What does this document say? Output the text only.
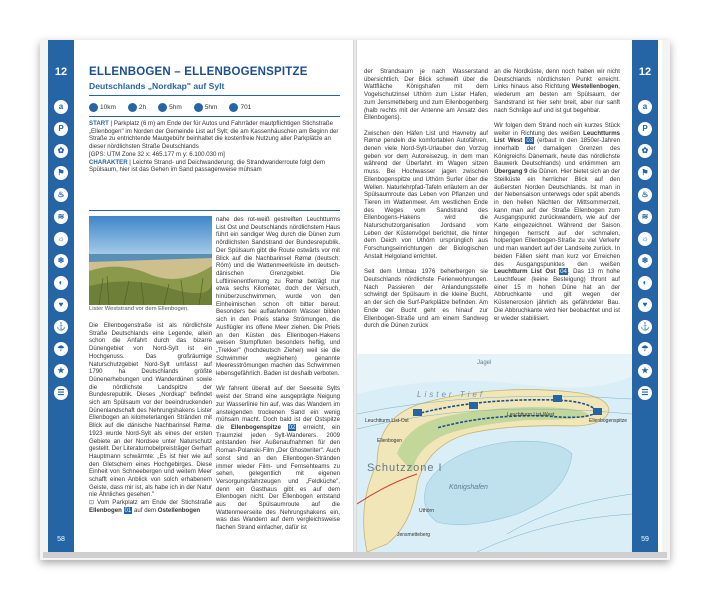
12	12
58	59
a
P
✿
⚑
♨
≋
☼
❄
◐
♥
⚓
☂
★
☰
a
P
✿
⚑
♨
≋
☼
❄
◐
♥
⚓
☂
★
☰
ELLENBOGEN – ELLENBOGENSPITZE
Deutschlands „Nordkap" auf Sylt
10km	2h	5hm	5hm	701
START | Parkplatz (6 m) am Ende der für Autos und Fahrräder mautpflichtigen Stichstraße „Ellenbogen" im Norden der Gemeinde List auf Sylt; die am Kassenhäuschen am Beginn der Straße zu entrichtende Mautgebühr beinhaltet die kostenfreie Nutzung aller Parkplätze an dieser nördlichsten Straße Deutschlands
[GPS: UTM Zone 32 x: 465.177 m y: 6.100.030 m]
CHARAKTER | Leichte Strand- und Deichwanderung; die Strandwanderroute folgt dem Spülsaum, hier ist das Gehen im Sand passagenweise mühsam
Lister Weststrand vor dem Ellenbogen.
Die Ellenbogenstraße ist als nördlichste Straße Deutschlands eine Legende, allein schon die Anfahrt durch das bizarre Dünengebiet von Nord-Sylt ist ein Hochgenuss. Das großräumige Naturschutzgebiet Nord-Sylt umfasst auf 1790 ha Deutschlands größte Dünenerhebungen und Wanderdünen sowie die nördlichste Landspitze der Bundesrepublik. Dieses „Nordkap" befindet sich am Spülsaum vor der beeindruckenden Dünenlandschaft des Nehrungshakens Lister Ellenbogen an kilometerlangen Stränden mit Blick auf die dänische Nachbarinsel Rømø. 1923 wurde Nord-Sylt als eines der ersten Gebiete an der Nordsee unter Naturschutz gestellt. Der Literaturnobelpreisträger Gerhart Hauptmann schwärmte: „Es ist hier wie auf den Gletschern eines Hochgebirges. Diese Einheit von Schneebergen und weitem Meer schafft einen Anblick von solch erhabenem Geiste, dass mir ist, als habe ich in der Natur nie Ähnliches gesehen."
⊡ Vom Parkplatz am Ende der Stichstraße Ellenbogen 01 auf dem Ostellenbogen
nahe des rot-weiß gestreiften Leuchtturms List Ost und Deutschlands nördlichstem Haus führt ein sandiger Weg durch die Dünen zum nördlichsten Sandstrand der Bundesrepublik. Der Spülsaum gibt die Route ostwärts vor mit Blick auf die Nachbarinsel Rømø (deutsch: Röm) und die Wattenmeerküste im deutsch-dänischen Grenzgebiet. Die Luftlinienentfernung zu Rømø beträgt nur etwa sechs Kilometer, doch der Versuch, hinüberzuschwimmen, wurde von den Einheimischen schon oft bitter bereut. Besonders bei auflaufendem Wasser bilden sich in den Priels starke Strömungen, die Ausflügler ins offene Meer ziehen. Die Priels an den Küsten des Ellenbogen-Hakens weisen Stumpfluten besonders heftig, und „Trekker" (hochdeutsch Zieher) weil sie die Schwimmer wegziehen) genannte Meeresströmungen machen das Schwimmen lebensgefährlich. Baden ist deshalb verboten.

Wir fahrent überall auf der Seeseite Sylts weist der Strand eine ausgeprägte Neigung zur Wasserlinie hin auf, was das Wandern im ansteigenden trockenen Sand ein wenig mühsam macht. Doch bald ist der Ostspitze die Ellenbogenspitze 02 erreicht, ein Traumziel jeden Sylt-Wanderers. 2009 entstanden hier Außenaufnahmen für den Roman-Polanski-Film „Der Ghostwriter". Auch sonst sind an den Ellenbogen-Stränden immer wieder Film- und Fernsehteams zu sehen, gelegentlich mit eigenen Versorgungsfahrzeugen und „Feldküche", denn ein Gasthaus gibt es auf dem Ellenbogen nicht. Der Ellenbogen entstand aus der Spülsaumroute auf die Wattenmeerseite des Nehrungshakens ein, was das Wandern auf dem vergleichsweise flachen Strand einfacher, dafür ist
der Strandsaum je nach Wasserstand übersichtlich. Der Blick schweift über die Wattfläche Königshafen mit dem Vogelschutzinsel Uthörn zum Lister Hafen, zum Jensmetteberg und zum Ellenbogenberg (halb rechts mit der Antenne am Ansatz des Ellenbogens).

Zwischen den Häfen List und Havneby auf Rømø pendeln die komfortablen Autofähren, denen viele Nord-Sylt-Urlauber den Vorzug geben vor dem Autoreisezug, in dem man während der Überfahrt im Wagen sitzen muss. Bei Hochwasser jagen zwischen Ellenbogenspitze und Uthörn Surfer über die Wellen. Naturlehrpfad-Tafeln erläutern an der Spülsaumroute das Leben von Pflanzen und Tieren im Wattenmeer. Am westlichen Ende des Weges vom Sandstrand des Ellenbogens-Hakens wird die Naturschutzorganisation Jordsand vom Leben der Küstenvögel berichtet, die hinter dem Deich von Uthörn ursprünglich aus Forschungseinrichtungen der Biologischen Anstalt Helgoland errichtet.

Seit dem Umbau 1976 beherbergen sie Deutschlands nördlichste Ferienwohnungen. Nach Passieren der Anlandungsstelle schwingt der Spülsaum in die kleine Bucht, an der sich die Surf-Parkplätze befinden. Am Ende der Bucht geht es hinauf zur Ellenbogen-Straße und am einem Sandweg durch die Dünen zurück
an die Nordküste, denn noch haben wir nicht Deutschlands nördlichsten Punkt erreicht. Links hinaus also Richtung Westellenbogen, wiederum am besten am Spülsaum, der Sandstrand ist hier sehr breit, aber nur sanft nach Schräge auf und ist gut begehbar.

Wir folgen dem Strand noch ein kurzes Stück weiter in Richtung des weißen Leuchtturms List West 03 (erbaut in den 1850er-Jahren innerhalb der damaligen Grenzen des Königreichs Dänemark, heute das nördlichste Bauwerk Deutschlands) und erklimmen am Übergang 9 die Dünen. Hier bietet sich an der Steilküste ein herrlicher Blick auf den äußersten Norden Deutschlands. Ist man in der Nebensaison unterwegs oder spät abends in den hellen Nächten der Mittsommerzeit, kann man auf der Straße Ellenbogen zum Ausgangspunkt zurückwandern, wie auf der Karte eingezeichnet. Während der Saison hingegen herrscht auf der schmalen, holperigen Ellenbogen-Straße zu viel Verkehr und man wandert auf der Landseite zurück. In beiden Fällen sieht man kurz vor Erreichen des Ausgangspunktes den weißen Leuchtturm List Ost 04. Das 13 m hohe Leuchtfeuer (keine Besteigung) thront auf einer 15 m hohen Düne hat an der Abbruchkante und gilt wegen der Küstenerosion jährlich als gefährdeter Bau. Die Abbruchkante wird hier beobachtet und ist er wieder stabilisiert.
Jagel
Lister Tief
Leuchtturm List-Ost
Leuchtturm List-West
Ellenbogenspitze
Ellenbogen
Schutzzone I
Königshafen
Uthörn
Jensmetteberg
